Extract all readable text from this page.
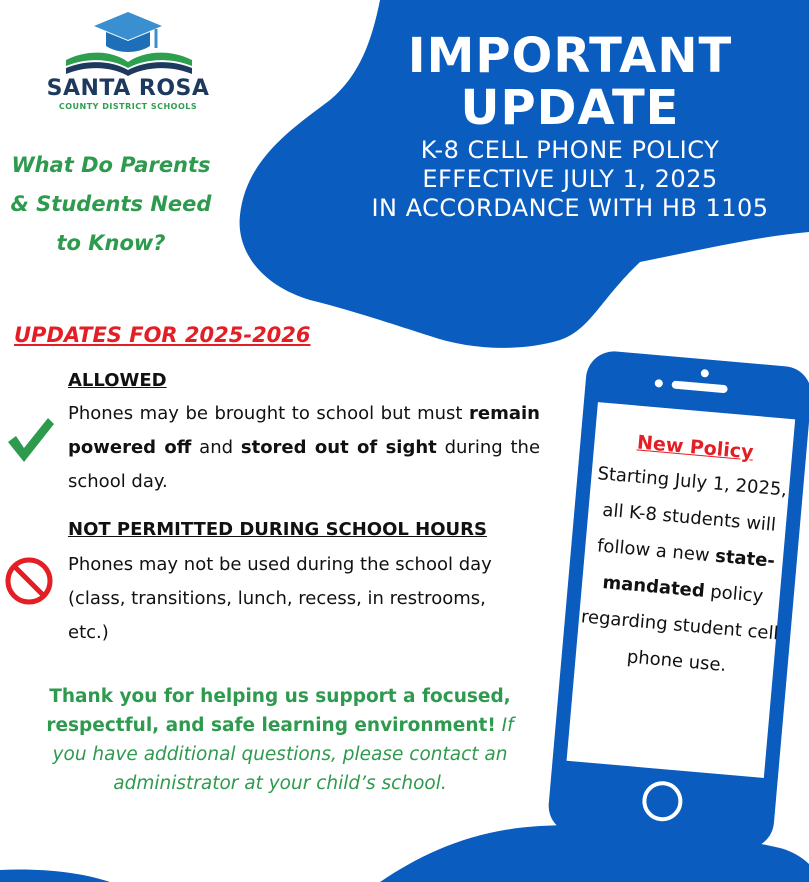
SANTA ROSA
COUNTY DISTRICT SCHOOLS
What Do Parents
& Students Need
to Know?
IMPORTANT
UPDATE
K-8 CELL PHONE POLICY
EFFECTIVE JULY 1, 2025
IN ACCORDANCE WITH HB 1105
UPDATES FOR 2025-2026
ALLOWED
Phones may be brought to school but must remain powered off and stored out of sight during the school day.
NOT PERMITTED DURING SCHOOL HOURS
Phones may not be used during the school day (class, transitions, lunch, recess, in restrooms, etc.)
Thank you for helping us support a focused, respectful, and safe learning environment! If you have additional questions, please contact an administrator at your child’s school.
New Policy
Starting July 1, 2025, all K-8 students will follow a new state-mandated policy regarding student cell phone use.
